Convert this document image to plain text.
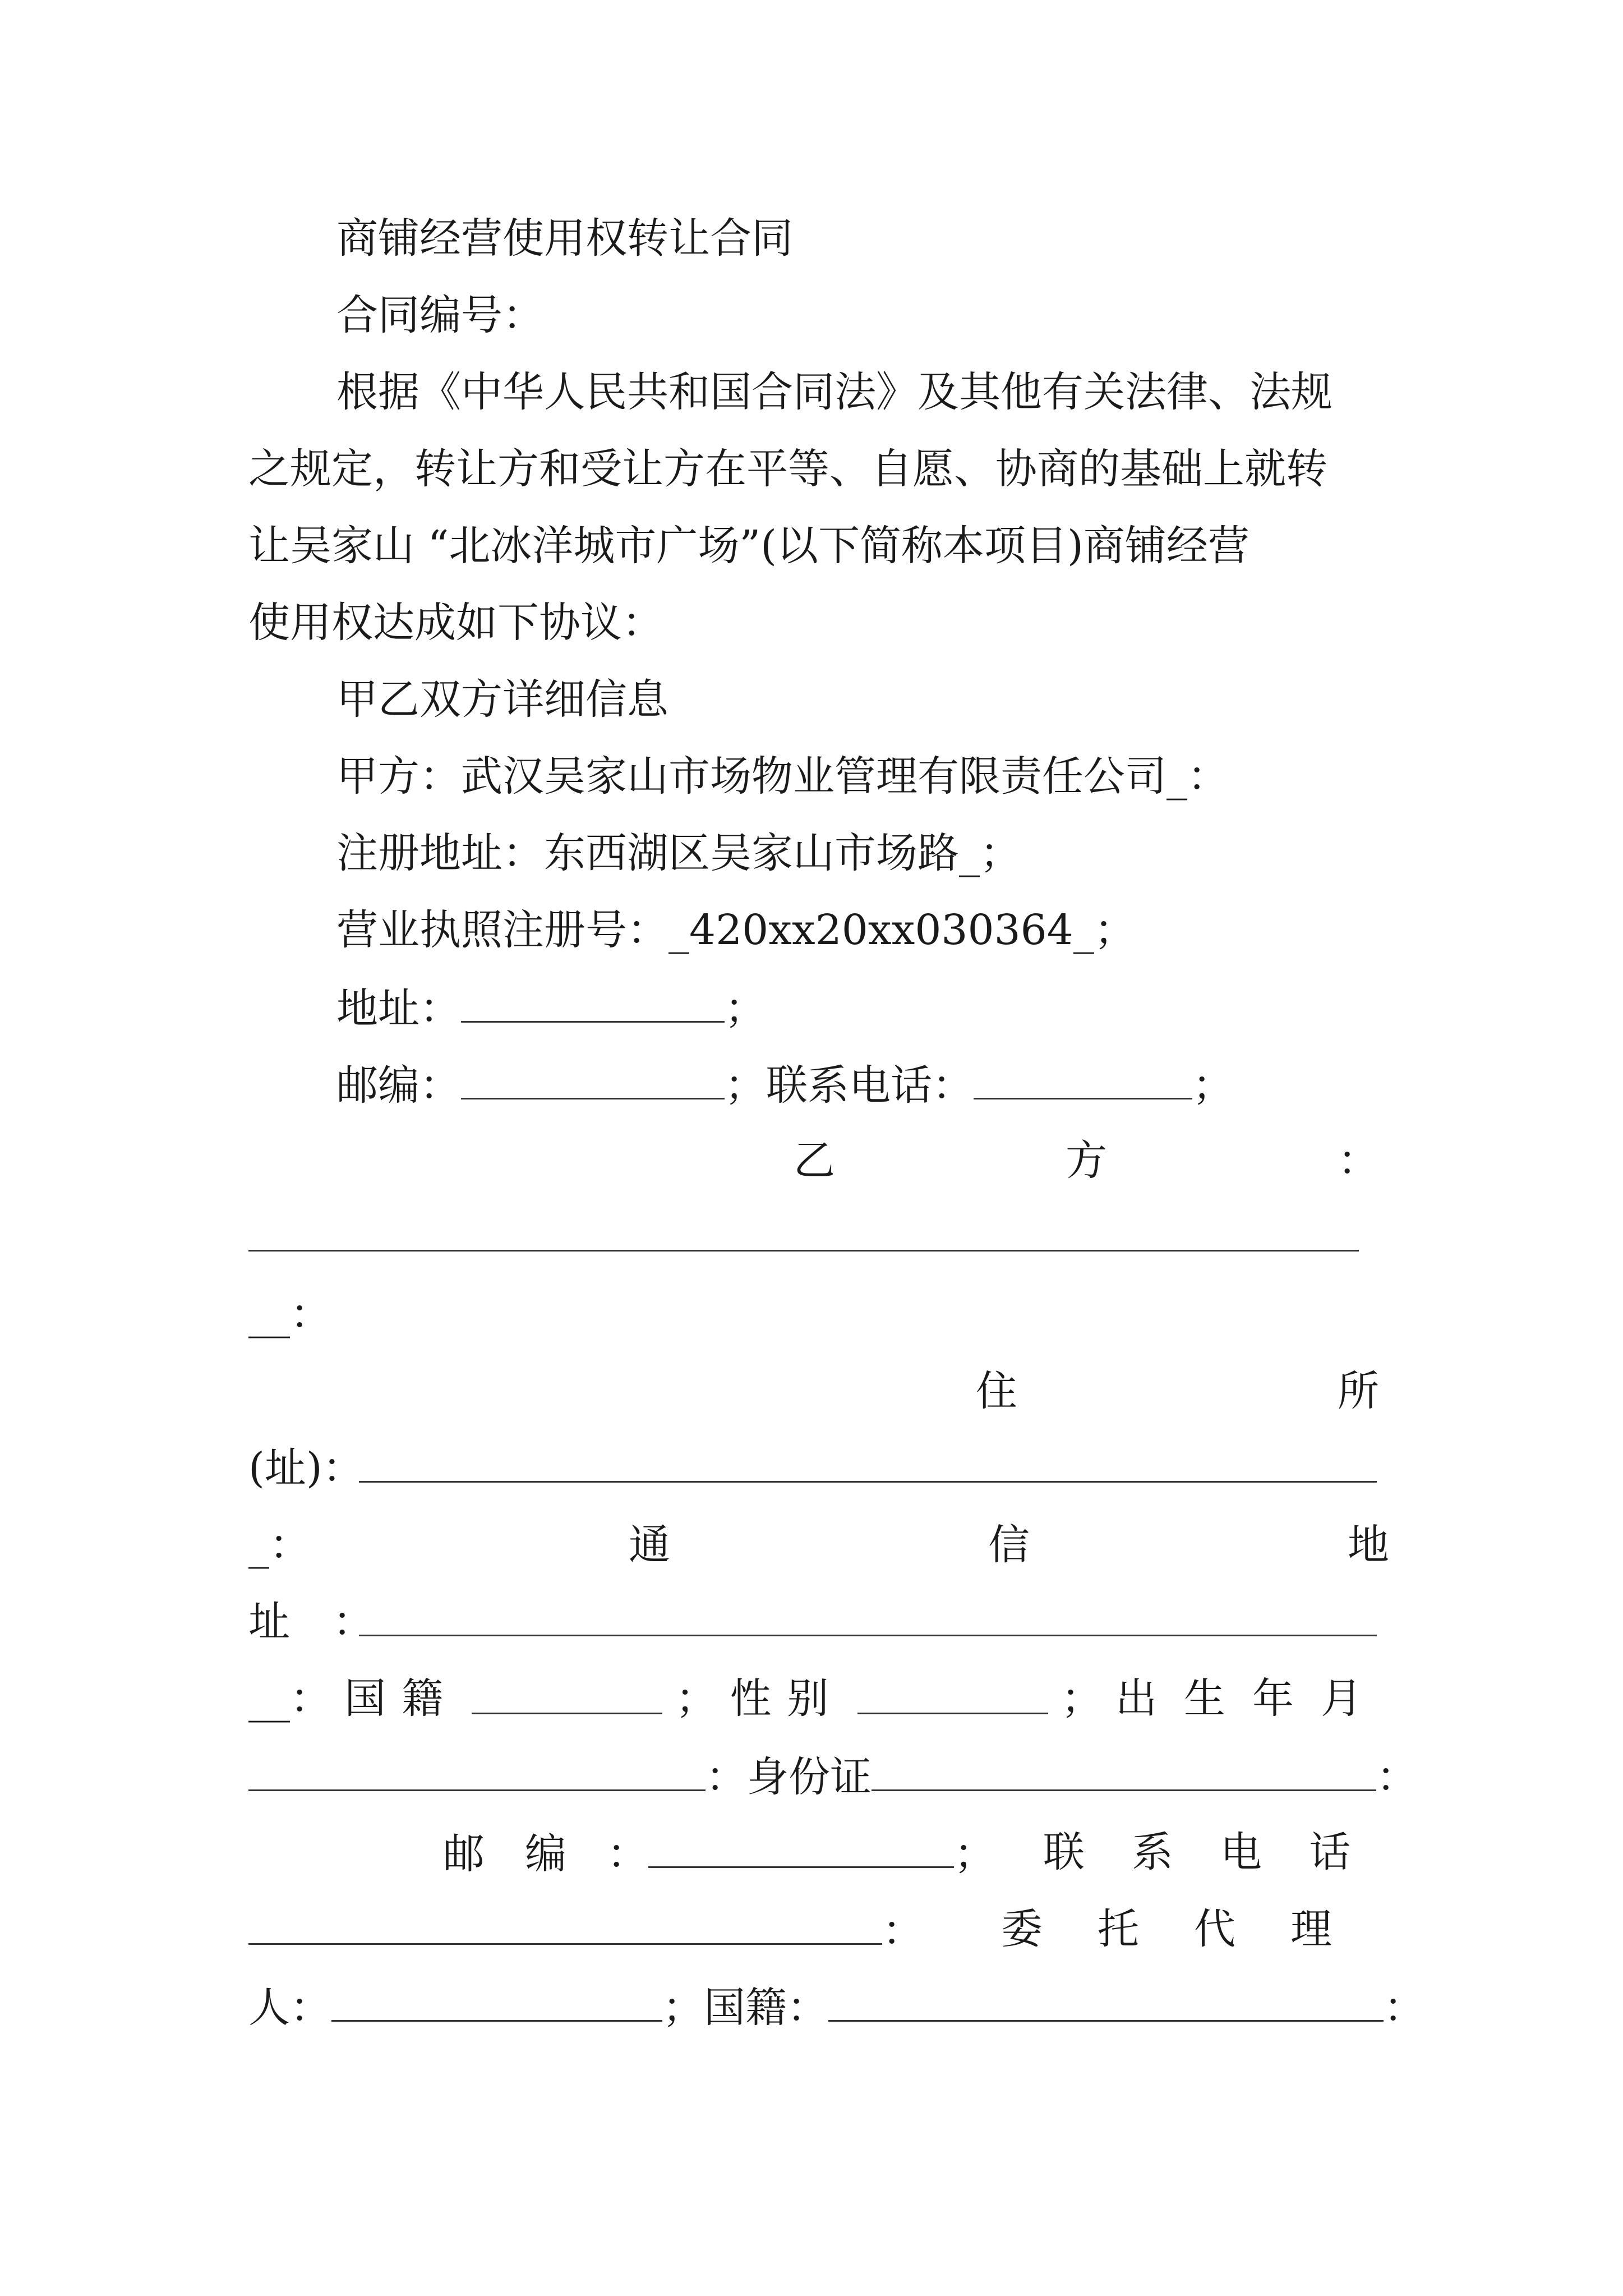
商铺经营使用权转让合同
合同编号：
根据《中华人民共和国合同法》及其他有关法律、法规
之规定，转让方和受让方在平等、自愿、协商的基础上就转
让吴家山 “北冰洋城市广场”(以下简称本项目)商铺经营
使用权达成如下协议：
甲乙双方详细信息
甲方：武汉吴家山市场物业管理有限责任公司_：
注册地址：东西湖区吴家山市场路_；
营业执照注册号：_420xx20xx030364_；
地址：	；
邮编：	；联系电话：	；
乙	方	：
__：
住	所
(址)：
_：	通	信	地
址 ：
__： 国籍	； 性别	； 出生年月
：身份证	：
邮编：	； 联系电话
： 委托代理
人：	；国籍：	：
